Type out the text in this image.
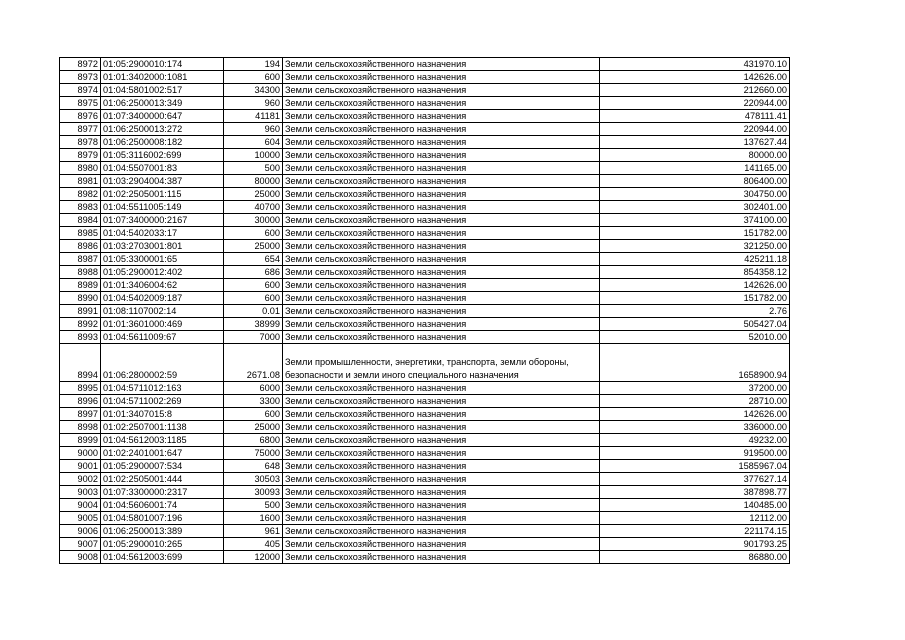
8972	01:05:2900010:174	194	Земли сельскохозяйственного назначения	431970.10
8973	01:01:3402000:1081	600	Земли сельскохозяйственного назначения	142626.00
8974	01:04:5801002:517	34300	Земли сельскохозяйственного назначения	212660.00
8975	01:06:2500013:349	960	Земли сельскохозяйственного назначения	220944.00
8976	01:07:3400000:647	41181	Земли сельскохозяйственного назначения	478111.41
8977	01:06:2500013:272	960	Земли сельскохозяйственного назначения	220944.00
8978	01:06:2500008:182	604	Земли сельскохозяйственного назначения	137627.44
8979	01:05:3116002:699	10000	Земли сельскохозяйственного назначения	80000.00
8980	01:04:5507001:83	500	Земли сельскохозяйственного назначения	141165.00
8981	01:03:2904004:387	80000	Земли сельскохозяйственного назначения	806400.00
8982	01:02:2505001:115	25000	Земли сельскохозяйственного назначения	304750.00
8983	01:04:5511005:149	40700	Земли сельскохозяйственного назначения	302401.00
8984	01:07:3400000:2167	30000	Земли сельскохозяйственного назначения	374100.00
8985	01:04:5402033:17	600	Земли сельскохозяйственного назначения	151782.00
8986	01:03:2703001:801	25000	Земли сельскохозяйственного назначения	321250.00
8987	01:05:3300001:65	654	Земли сельскохозяйственного назначения	425211.18
8988	01:05:2900012:402	686	Земли сельскохозяйственного назначения	854358.12
8989	01:01:3406004:62	600	Земли сельскохозяйственного назначения	142626.00
8990	01:04:5402009:187	600	Земли сельскохозяйственного назначения	151782.00
8991	01:08:1107002:14	0.01	Земли сельскохозяйственного назначения	2.76
8992	01:01:3601000:469	38999	Земли сельскохозяйственного назначения	505427.04
8993	01:04:5611009:67	7000	Земли сельскохозяйственного назначения	52010.00
8994	01:06:2800002:59	2671.08	Земли промышленности, энергетики, транспорта, земли обороны, безопасности и земли иного специального назначения	1658900.94
8995	01:04:5711012:163	6000	Земли сельскохозяйственного назначения	37200.00
8996	01:04:5711002:269	3300	Земли сельскохозяйственного назначения	28710.00
8997	01:01:3407015:8	600	Земли сельскохозяйственного назначения	142626.00
8998	01:02:2507001:1138	25000	Земли сельскохозяйственного назначения	336000.00
8999	01:04:5612003:1185	6800	Земли сельскохозяйственного назначения	49232.00
9000	01:02:2401001:647	75000	Земли сельскохозяйственного назначения	919500.00
9001	01:05:2900007:534	648	Земли сельскохозяйственного назначения	1585967.04
9002	01:02:2505001:444	30503	Земли сельскохозяйственного назначения	377627.14
9003	01:07:3300000:2317	30093	Земли сельскохозяйственного назначения	387898.77
9004	01:04:5606001:74	500	Земли сельскохозяйственного назначения	140485.00
9005	01:04:5801007:196	1600	Земли сельскохозяйственного назначения	12112.00
9006	01:06:2500013:389	961	Земли сельскохозяйственного назначения	221174.15
9007	01:05:2900010:265	405	Земли сельскохозяйственного назначения	901793.25
9008	01:04:5612003:699	12000	Земли сельскохозяйственного назначения	86880.00
